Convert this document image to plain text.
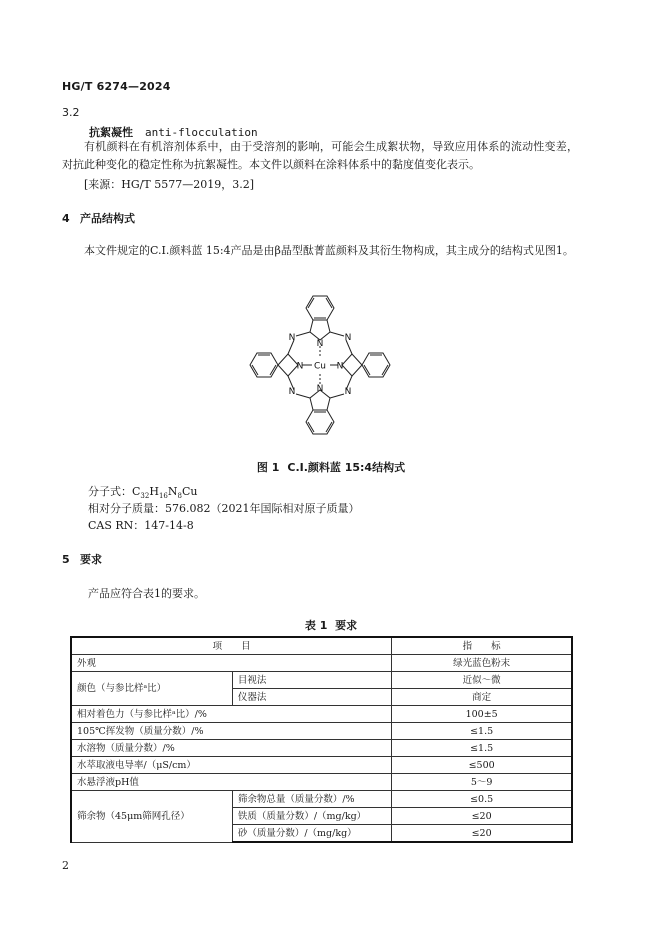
HG/T 6274—2024
3.2
抗絮凝性 anti-flocculation
有机颜料在有机溶剂体系中，由于受溶剂的影响，可能会生成絮状物，导致应用体系的流动性变差，对抗此种变化的稳定性称为抗絮凝性。本文件以颜料在涂料体系中的黏度值变化表示。
[来源：HG/T 5577—2019，3.2]
4 产品结构式
本文件规定的C.I.颜料蓝 15:4产品是由β晶型酞菁蓝颜料及其衍生物构成，其主成分的结构式见图1。
Cu
N
N
N	N
N	N
N	N
图 1 C.I.颜料蓝 15:4结构式
分子式：$C_{32}H_{16}N_8Cu$
相对分子质量：576.082（2021年国际相对原子质量）
CAS RN：147-14-8
5 要求
产品应符合表1的要求。
表 1 要求
项　　目		指　　标
外观		绿光蓝色粉末
颜色（与参比样ᵃ比）	目视法	近似～微
	仪器法	商定
相对着色力（与参比样ᵃ比）/%		100±5
105℃挥发物（质量分数）/%		≤1.5
水溶物（质量分数）/%		≤1.5
水萃取液电导率/（μS/cm）		≤500
水悬浮液pH值		5～9
筛余物（45μm筛网孔径）	筛余物总量（质量分数）/%	≤0.5
	铁质（质量分数）/（mg/kg）	≤20
	砂（质量分数）/（mg/kg）	≤20
2
